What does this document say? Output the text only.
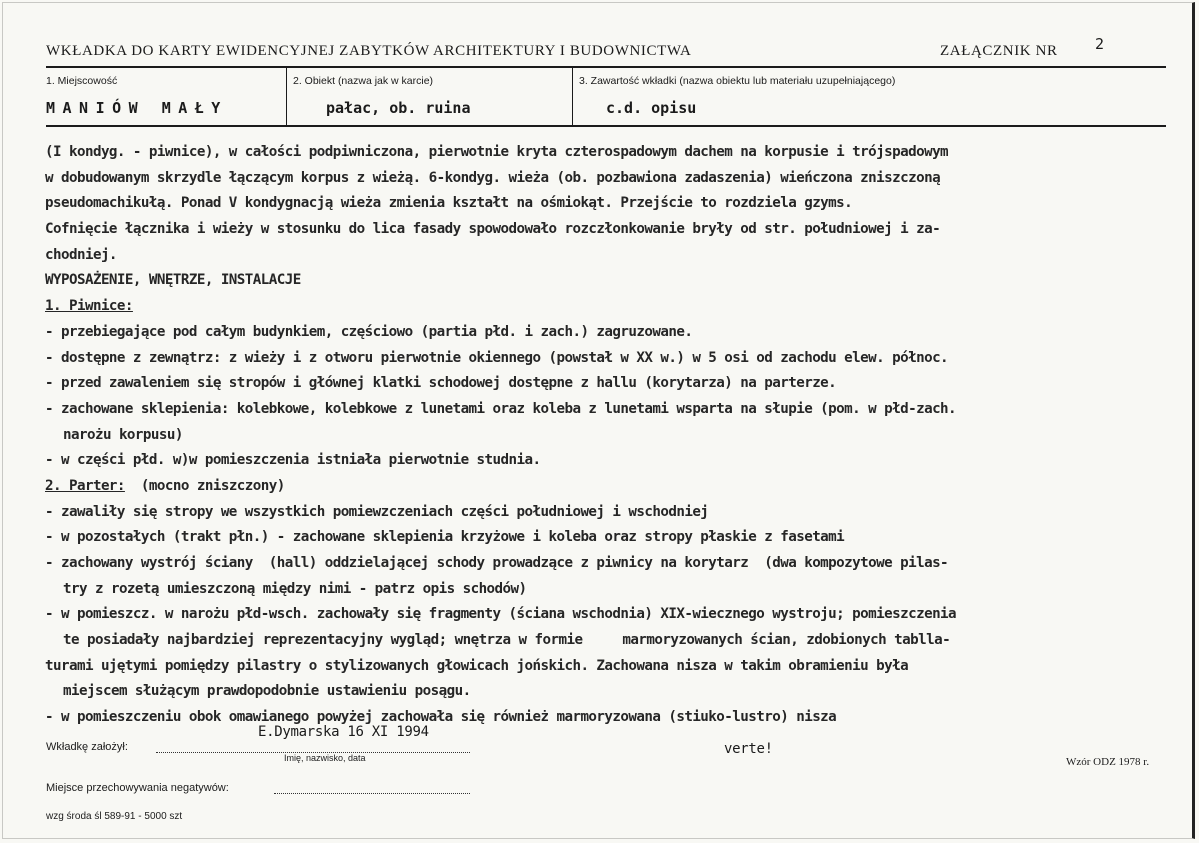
WKŁADKA DO KARTY EWIDENCYJNEJ ZABYTKÓW ARCHITEKTURY I BUDOWNICTWA	ZAŁĄCZNIK NR 2
1. Miejscowość
MANIÓW MAŁY
2. Obiekt (nazwa jak w karcie)
pałac, ob. ruina
3. Zawartość wkładki (nazwa obiektu lub materiału uzupełniającego)
c.d. opisu
(I kondyg. - piwnice), w całości podpiwniczona, pierwotnie kryta czterospadowym dachem na korpusie i trójspadowym
w dobudowanym skrzydle łączącym korpus z wieżą. 6-kondyg. wieża (ob. pozbawiona zadaszenia) wieńczona zniszczoną
pseudomachikułą. Ponad V kondygnacją wieża zmienia kształt na ośmiokąt. Przejście to rozdziela gzyms.
Cofnięcie łącznika i wieży w stosunku do lica fasady spowodowało rozczłonkowanie bryły od str. południowej i za-
chodniej.
WYPOSAŻENIE, WNĘTRZE, INSTALACJE
1. Piwnice:
- przebiegające pod całym budynkiem, częściowo (partia płd. i zach.) zagruzowane.
- dostępne z zewnątrz: z wieży i z otworu pierwotnie okiennego (powstał w XX w.) w 5 osi od zachodu elew. północ.
- przed zawaleniem się stropów i głównej klatki schodowej dostępne z hallu (korytarza) na parterze.
- zachowane sklepienia: kolebkowe, kolebkowe z lunetami oraz koleba z lunetami wsparta na słupie (pom. w płd-zach.
narożu korpusu)
- w części płd. w)w pomieszczenia istniała pierwotnie studnia.
2. Parter: (mocno zniszczony)
- zawaliły się stropy we wszystkich pomiewzczeniach części południowej i wschodniej
- w pozostałych (trakt płn.) - zachowane sklepienia krzyżowe i koleba oraz stropy płaskie z fasetami
- zachowany wystrój ściany  (hall) oddzielającej schody prowadzące z piwnicy na korytarz  (dwa kompozytowe pilas-
try z rozetą umieszczoną między nimi - patrz opis schodów)
- w pomieszcz. w narożu płd-wsch. zachowały się fragmenty (ściana wschodnia) XIX-wiecznego wystroju; pomieszczenia
te posiadały najbardziej reprezentacyjny wygląd; wnętrza w formie     marmoryzowanych ścian, zdobionych tablla-
turami ujętymi pomiędzy pilastry o stylizowanych głowicach jońskich. Zachowana nisza w takim obramieniu była
miejscem służącym prawdopodobnie ustawieniu posągu.
- w pomieszczeniu obok omawianego powyżej zachowała się również marmoryzowana (stiuko-lustro) nisza
Wkładkę założył:
E.Dymarska 16 XI 1994
Imię, nazwisko, data
verte!
Wzór ODZ 1978 r.
Miejsce przechowywania negatywów:
wzg środa śl 589-91 - 5000 szt
